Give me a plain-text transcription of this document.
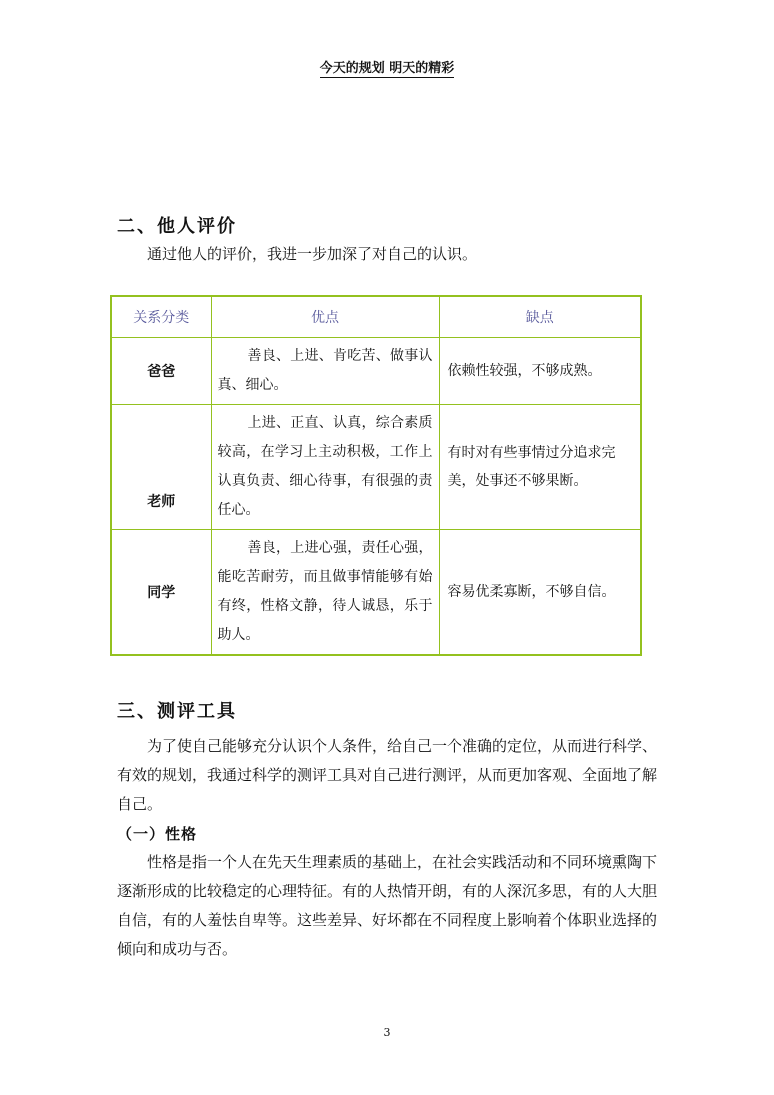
今天的规划 明天的精彩
二、他人评价
通过他人的评价，我进一步加深了对自己的认识。
关系分类	优点	缺点
爸爸	善良、上进、肯吃苦、做事认真、细心。	依赖性较强，不够成熟。
老师	上进、正直、认真，综合素质较高，在学习上主动积极，工作上认真负责、细心待事，有很强的责任心。	有时对有些事情过分追求完美，处事还不够果断。
同学	善良，上进心强，责任心强，能吃苦耐劳，而且做事情能够有始有终，性格文静，待人诚恳，乐于助人。	容易优柔寡断，不够自信。
三、测评工具
为了使自己能够充分认识个人条件，给自己一个准确的定位，从而进行科学、有效的规划，我通过科学的测评工具对自己进行测评，从而更加客观、全面地了解自己。
（一）性格
性格是指一个人在先天生理素质的基础上，在社会实践活动和不同环境熏陶下逐渐形成的比较稳定的心理特征。有的人热情开朗，有的人深沉多思，有的人大胆自信，有的人羞怯自卑等。这些差异、好坏都在不同程度上影响着个体职业选择的倾向和成功与否。
3
